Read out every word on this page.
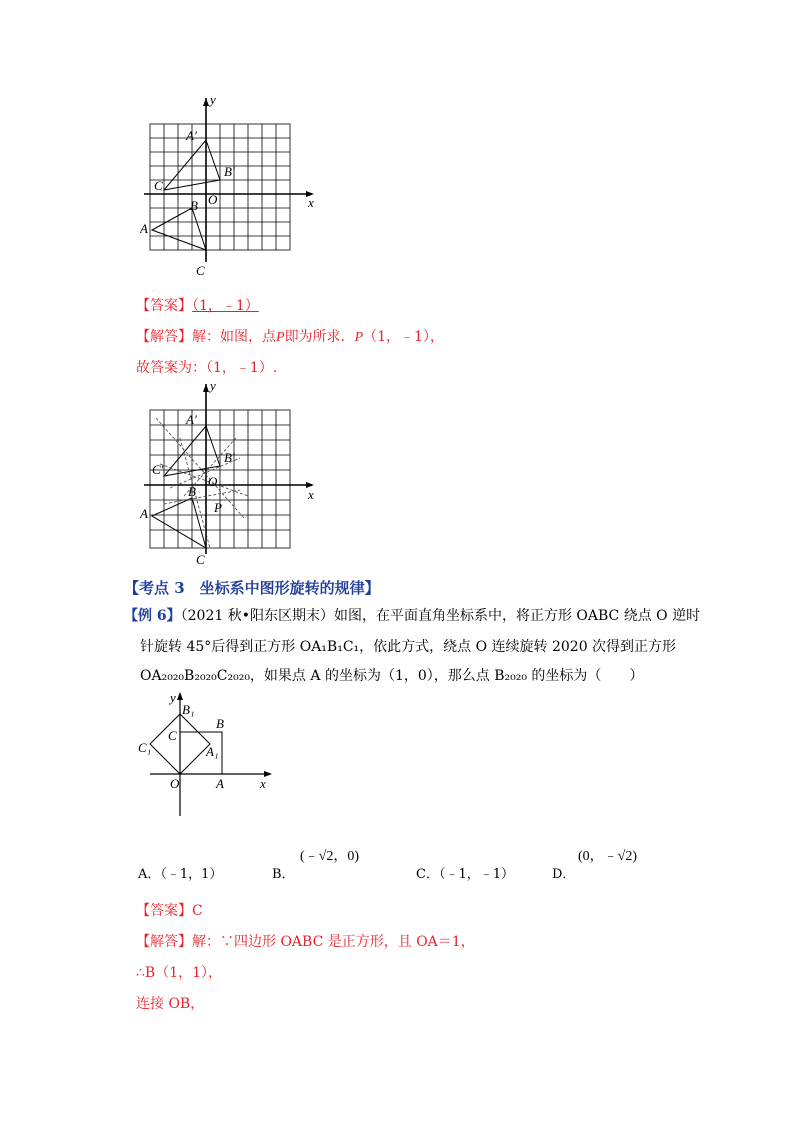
y
x
A′
B′
C
O
B
A
C
【答案】（1，﹣1）
【解答】解：如图，点P即为所求．P（1，﹣1），
故答案为：（1，﹣1）.
y
x
A′
B′
C′
O
B
P
A
C
【考点 3　坐标系中图形旋转的规律】
【例 6】（2021 秋•阳东区期末）如图，在平面直角坐标系中，将正方形 OABC 绕点 O 逆时
针旋转 45°后得到正方形 OA₁B₁C₁，依此方式，绕点 O 连续旋转 2020 次得到正方形
OA₂₀₂₀B₂₀₂₀C₂₀₂₀，如果点 A 的坐标为（1，0），那么点 B₂₀₂₀ 的坐标为（　　）
y
x
B₁
B
C
C₁	A₁
O	A
A．（﹣1，1）	B．
(﹣√2，0)
C．（﹣1，﹣1）	D．
(0，﹣√2)
【答案】C
【解答】解：∵四边形 OABC 是正方形，且 OA＝1，
∴B（1，1），
连接 OB，
